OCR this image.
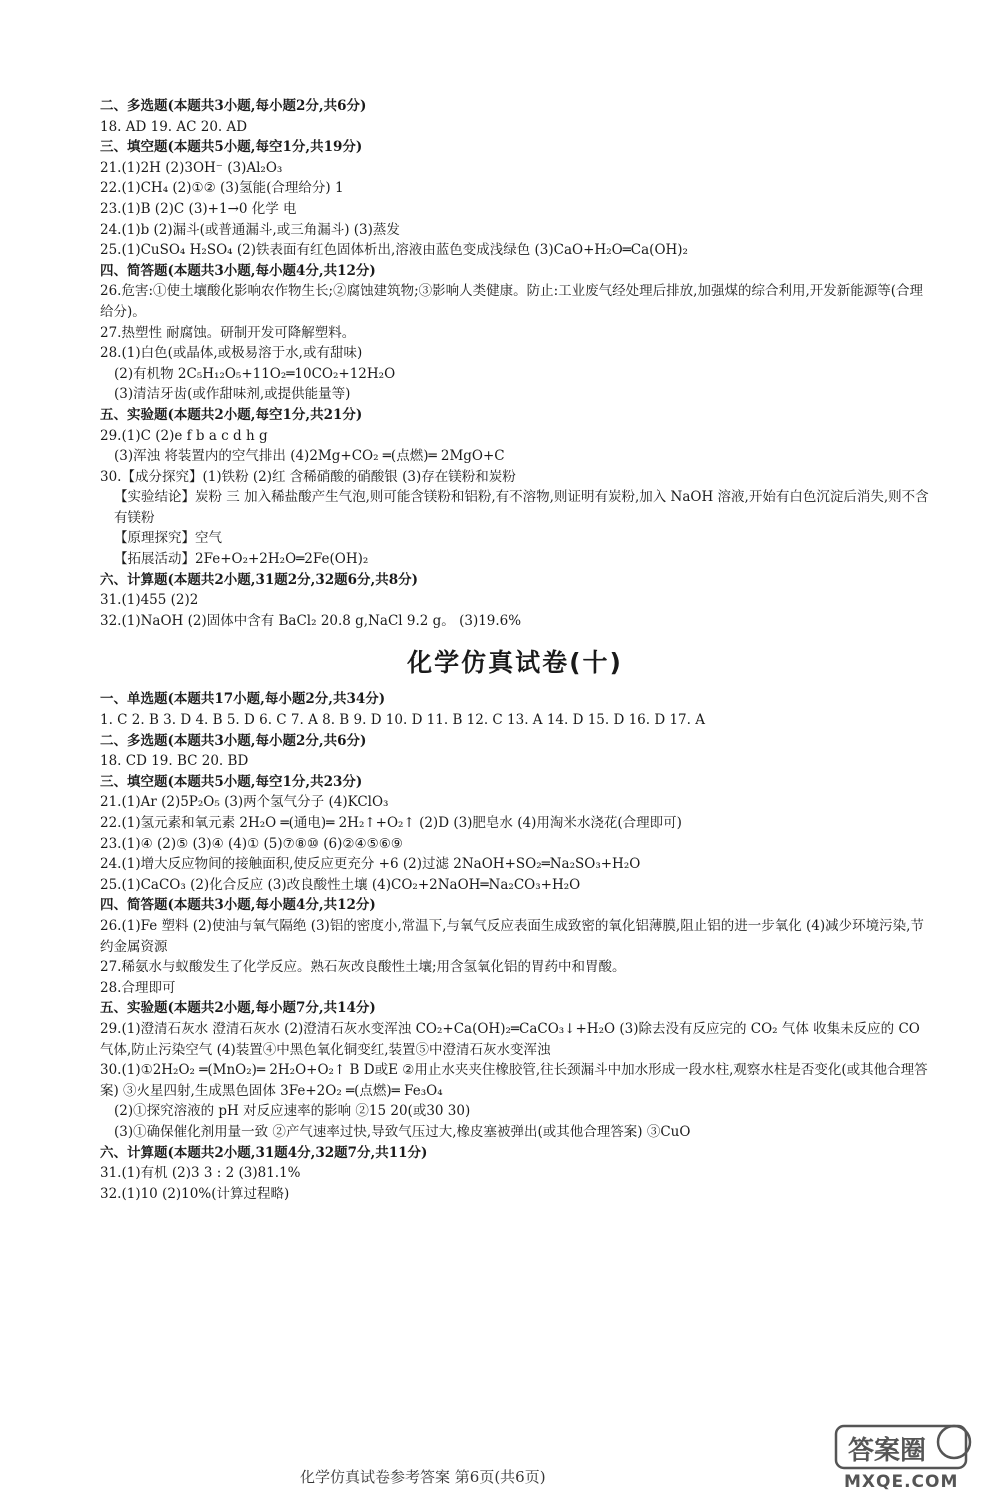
二、多选题(本题共3小题,每小题2分,共6分)
18. AD 19. AC 20. AD
三、填空题(本题共5小题,每空1分,共19分)
21.(1)2H (2)3OH⁻ (3)Al₂O₃
22.(1)CH₄ (2)①② (3)氢能(合理给分) 1
23.(1)B (2)C (3)+1→0 化学 电
24.(1)b (2)漏斗(或普通漏斗,或三角漏斗) (3)蒸发
25.(1)CuSO₄ H₂SO₄ (2)铁表面有红色固体析出,溶液由蓝色变成浅绿色 (3)CaO+H₂O═Ca(OH)₂
四、简答题(本题共3小题,每小题4分,共12分)
26.危害:①使土壤酸化影响农作物生长;②腐蚀建筑物;③影响人类健康。防止:工业废气经处理后排放,加强煤的综合利用,开发新能源等(合理给分)。
27.热塑性 耐腐蚀。研制开发可降解塑料。
28.(1)白色(或晶体,或极易溶于水,或有甜味)
(2)有机物 2C₅H₁₂O₅+11O₂═10CO₂+12H₂O
(3)清洁牙齿(或作甜味剂,或提供能量等)
五、实验题(本题共2小题,每空1分,共21分)
29.(1)C (2)e f b a c d h g
(3)浑浊 将装置内的空气排出 (4)2Mg+CO₂ ═(点燃)═ 2MgO+C
30.【成分探究】(1)铁粉 (2)红 含稀硝酸的硝酸银 (3)存在镁粉和炭粉
【实验结论】炭粉 三 加入稀盐酸产生气泡,则可能含镁粉和铝粉,有不溶物,则证明有炭粉,加入 NaOH 溶液,开始有白色沉淀后消失,则不含有镁粉
【原理探究】空气
【拓展活动】2Fe+O₂+2H₂O═2Fe(OH)₂
六、计算题(本题共2小题,31题2分,32题6分,共8分)
31.(1)455 (2)2
32.(1)NaOH (2)固体中含有 BaCl₂ 20.8 g,NaCl 9.2 g。 (3)19.6%
化学仿真试卷(十)
一、单选题(本题共17小题,每小题2分,共34分)
1. C 2. B 3. D 4. B 5. D 6. C 7. A 8. B 9. D 10. D 11. B 12. C 13. A 14. D 15. D 16. D 17. A
二、多选题(本题共3小题,每小题2分,共6分)
18. CD 19. BC 20. BD
三、填空题(本题共5小题,每空1分,共23分)
21.(1)Ar (2)5P₂O₅ (3)两个氢气分子 (4)KClO₃
22.(1)氢元素和氧元素 2H₂O ═(通电)═ 2H₂↑+O₂↑ (2)D (3)肥皂水 (4)用淘米水浇花(合理即可)
23.(1)④ (2)⑤ (3)④ (4)① (5)⑦⑧⑩ (6)②④⑤⑥⑨
24.(1)增大反应物间的接触面积,使反应更充分 +6 (2)过滤 2NaOH+SO₂═Na₂SO₃+H₂O
25.(1)CaCO₃ (2)化合反应 (3)改良酸性土壤 (4)CO₂+2NaOH═Na₂CO₃+H₂O
四、简答题(本题共3小题,每小题4分,共12分)
26.(1)Fe 塑料 (2)使油与氧气隔绝 (3)铝的密度小,常温下,与氧气反应表面生成致密的氧化铝薄膜,阻止铝的进一步氧化 (4)减少环境污染,节约金属资源
27.稀氨水与蚁酸发生了化学反应。熟石灰改良酸性土壤;用含氢氧化铝的胃药中和胃酸。
28.合理即可
五、实验题(本题共2小题,每小题7分,共14分)
29.(1)澄清石灰水 澄清石灰水 (2)澄清石灰水变浑浊 CO₂+Ca(OH)₂═CaCO₃↓+H₂O (3)除去没有反应完的 CO₂ 气体 收集未反应的 CO 气体,防止污染空气 (4)装置④中黑色氧化铜变红,装置⑤中澄清石灰水变浑浊
30.(1)①2H₂O₂ ═(MnO₂)═ 2H₂O+O₂↑ B D或E ②用止水夹夹住橡胶管,往长颈漏斗中加水形成一段水柱,观察水柱是否变化(或其他合理答案) ③火星四射,生成黑色固体 3Fe+2O₂ ═(点燃)═ Fe₃O₄
(2)①探究溶液的 pH 对反应速率的影响 ②15 20(或30 30)
(3)①确保催化剂用量一致 ②产气速率过快,导致气压过大,橡皮塞被弹出(或其他合理答案) ③CuO
六、计算题(本题共2小题,31题4分,32题7分,共11分)
31.(1)有机 (2)3 3 : 2 (3)81.1%
32.(1)10 (2)10%(计算过程略)
化学仿真试卷参考答案 第6页(共6页)
答案圈
MXQE.COM
